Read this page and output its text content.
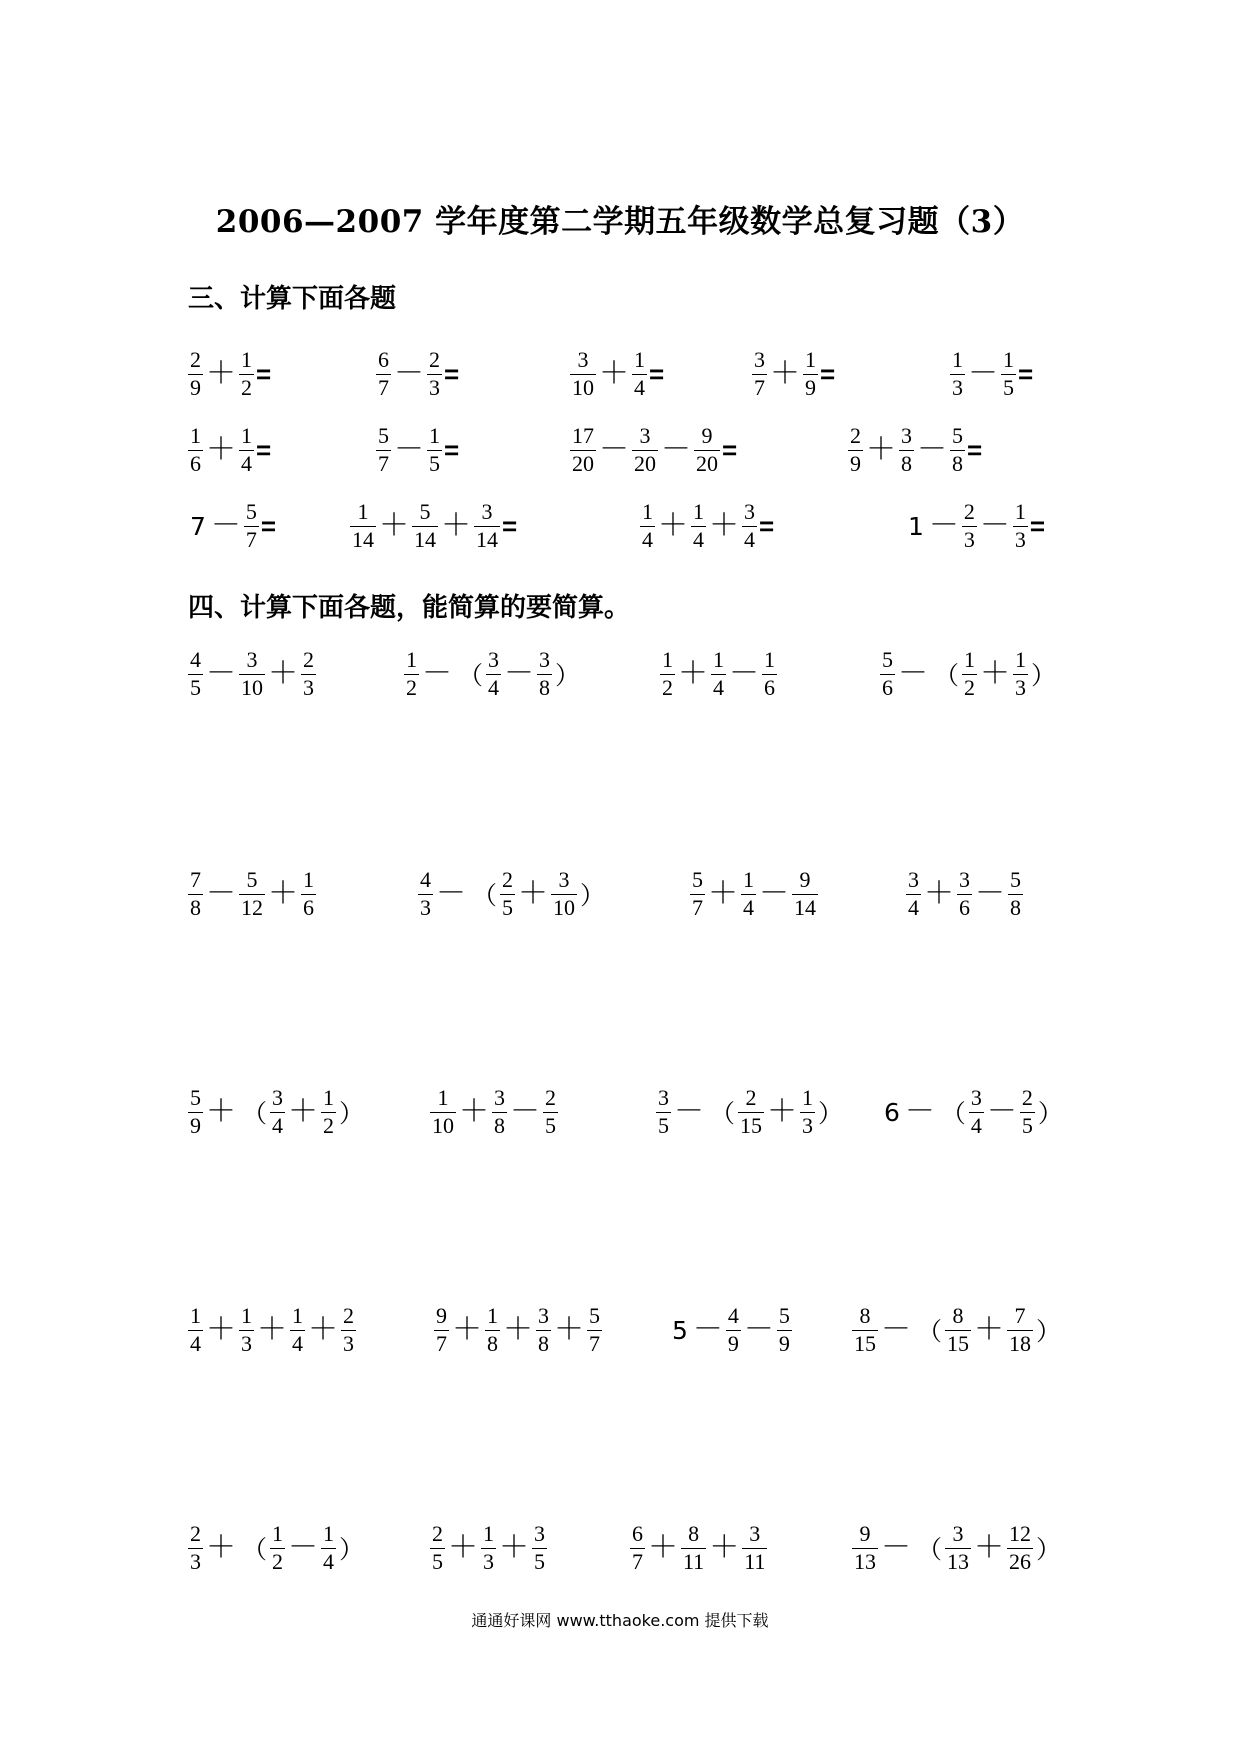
2006—2007 学年度第二学期五年级数学总复习题（3）
三、计算下面各题
$\frac{2}{9} + \frac{1}{2}$ =	$\frac{6}{7} - \frac{2}{3}$ =	$\frac{3}{10} + \frac{1}{4}$ =	$\frac{3}{7} + \frac{1}{9}$ =	$\frac{1}{3} - \frac{1}{5}$ =
$\frac{1}{6} + \frac{1}{4}$ =	$\frac{5}{7} - \frac{1}{5}$ =	$\frac{17}{20} - \frac{3}{20} - \frac{9}{20}$ =	$\frac{2}{9} + \frac{3}{8} - \frac{5}{8}$ =
$7 - \frac{5}{7}$ =	$\frac{1}{14} + \frac{5}{14} + \frac{3}{14}$ =	$\frac{1}{4} + \frac{1}{4} + \frac{3}{4}$ =	$1 - \frac{2}{3} - \frac{1}{3}$ =
四、计算下面各题，能简算的要简算。
$\frac{4}{5} - \frac{3}{10} + \frac{2}{3}$	$\frac{1}{2}$ － （ $\frac{3}{4} - \frac{3}{8}$ ）	$\frac{1}{2} + \frac{1}{4} - \frac{1}{6}$	$\frac{5}{6}$ － （ $\frac{1}{2} + \frac{1}{3}$ ）
$\frac{7}{8} - \frac{5}{12} + \frac{1}{6}$	$\frac{4}{3}$ － （ $\frac{2}{5} + \frac{3}{10}$ ）	$\frac{5}{7} + \frac{1}{4} - \frac{9}{14}$	$\frac{3}{4} + \frac{3}{6} - \frac{5}{8}$
$\frac{5}{9}$ ＋ （ $\frac{3}{4} + \frac{1}{2}$ ）	$\frac{1}{10} + \frac{3}{8} - \frac{2}{5}$	$\frac{3}{5}$ － （ $\frac{2}{15} + \frac{1}{3}$ ） 6 － （ $\frac{3}{4} - \frac{2}{5}$ ）
$\frac{1}{4} + \frac{1}{3} + \frac{1}{4} + \frac{2}{3}$	$\frac{9}{7} + \frac{1}{8} + \frac{3}{8} + \frac{5}{7}$	$5 - \frac{4}{9} - \frac{5}{9}$	$\frac{8}{15}$ － （ $\frac{8}{15} + \frac{7}{18}$ ）
$\frac{2}{3}$ ＋ （ $\frac{1}{2} - \frac{1}{4}$ ）	$\frac{2}{5} + \frac{1}{3} + \frac{3}{5}$	$\frac{6}{7} + \frac{8}{11} + \frac{3}{11}$	$\frac{9}{13}$ － （ $\frac{3}{13} + \frac{12}{26}$ ）
通通好课网 www.tthaoke.com 提供下载
